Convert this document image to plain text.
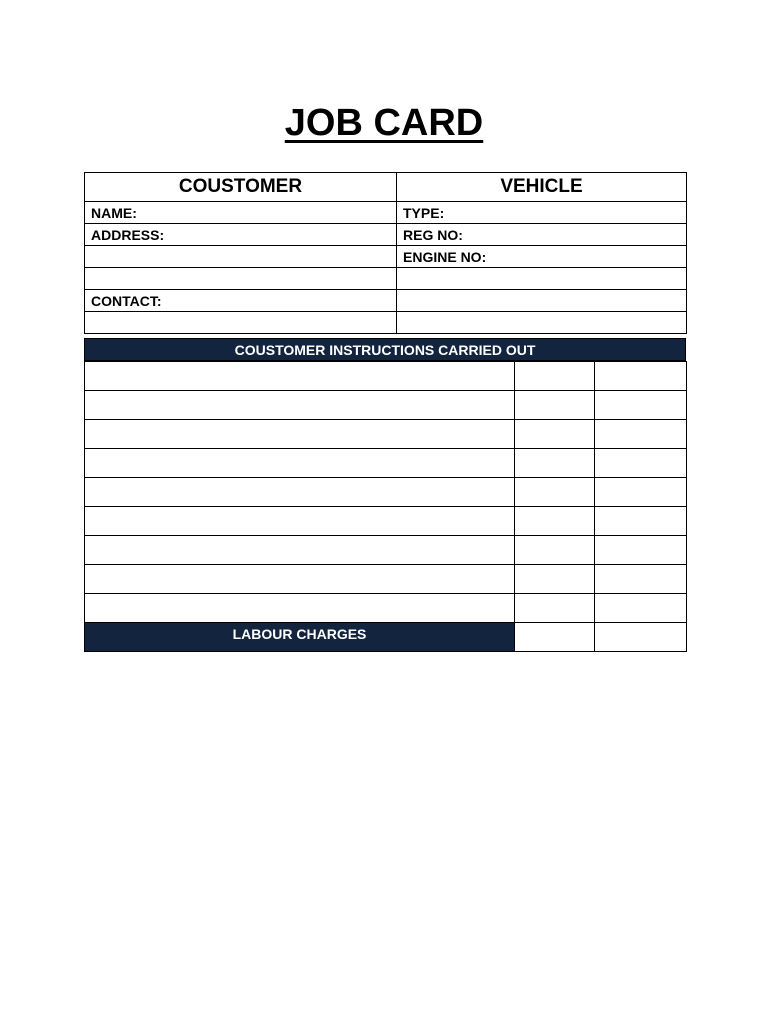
JOB CARD
COUSTOMER	VEHICLE
NAME:	TYPE:
ADDRESS:	REG NO:
	ENGINE NO:

CONTACT:	

COUSTOMER INSTRUCTIONS CARRIED OUT

LABOUR CHARGES		
